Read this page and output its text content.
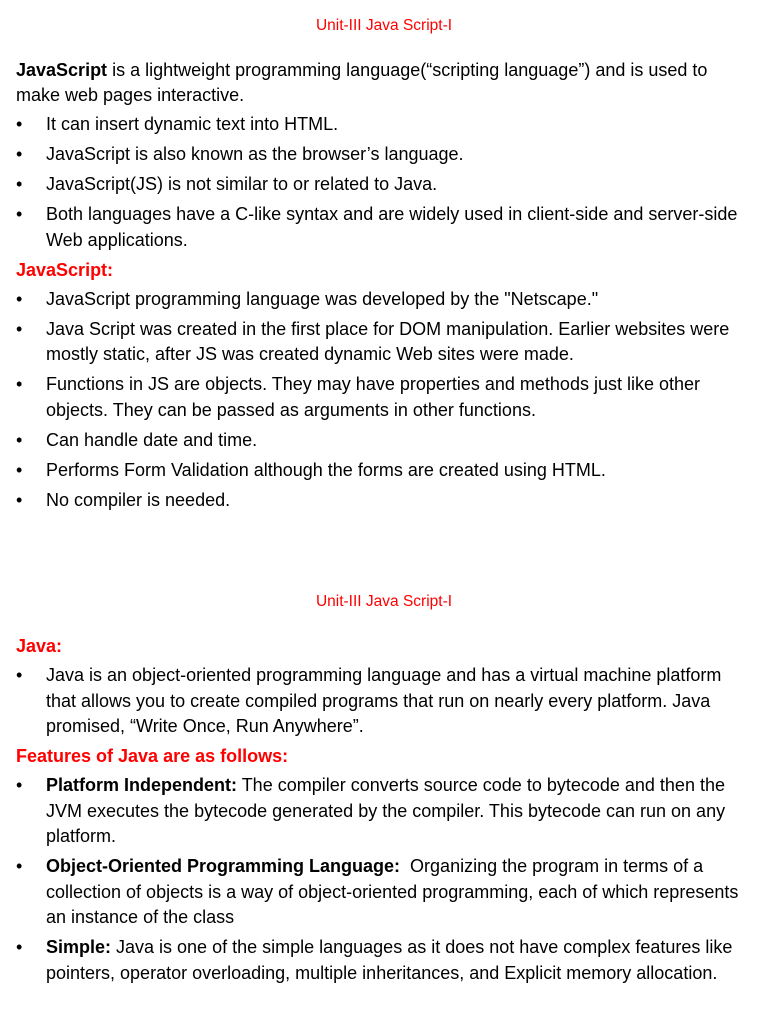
Unit-III Java Script-I

JavaScript is a lightweight programming language(“scripting language”) and is used to make web pages interactive.

• It can insert dynamic text into HTML.
• JavaScript is also known as the browser’s language.
• JavaScript(JS) is not similar to or related to Java.
• Both languages have a C-like syntax and are widely used in client-side and server-side Web applications.

JavaScript:

• JavaScript programming language was developed by the "Netscape."
• Java Script was created in the first place for DOM manipulation. Earlier websites were mostly static, after JS was created dynamic Web sites were made.
• Functions in JS are objects. They may have properties and methods just like other objects. They can be passed as arguments in other functions.
• Can handle date and time.
• Performs Form Validation although the forms are created using HTML.
• No compiler is needed.

Unit-III Java Script-I

Java:

• Java is an object-oriented programming language and has a virtual machine platform that allows you to create compiled programs that run on nearly every platform. Java promised, “Write Once, Run Anywhere”.

Features of Java are as follows:

• Platform Independent: The compiler converts source code to bytecode and then the JVM executes the bytecode generated by the compiler. This bytecode can run on any platform.
• Object-Oriented Programming Language:  Organizing the program in terms of a collection of objects is a way of object-oriented programming, each of which represents an instance of the class
• Simple: Java is one of the simple languages as it does not have complex features like pointers, operator overloading, multiple inheritances, and Explicit memory allocation.
